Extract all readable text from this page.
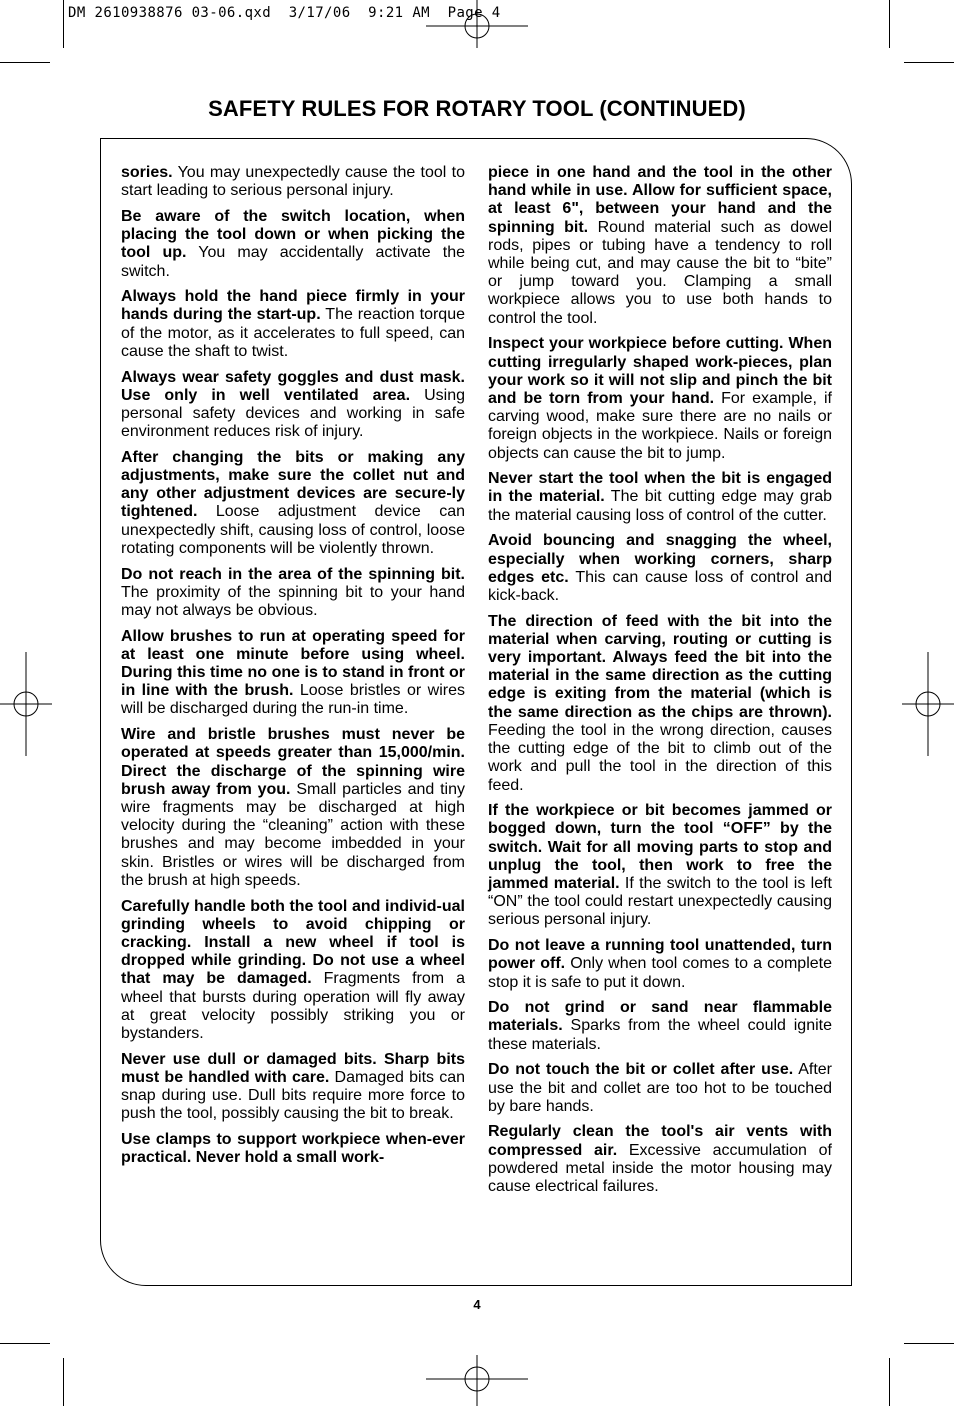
DM 2610938876 03-06.qxd  3/17/06  9:21 AM  Page 4
SAFETY RULES FOR ROTARY TOOL (CONTINUED)

sories. You may unexpectedly cause the tool to start leading to serious personal injury.

Be aware of the switch location, when placing the tool down or when picking the tool up. You may accidentally activate the switch.

Always hold the hand piece firmly in your hands during the start-up. The reaction torque of the motor, as it accelerates to full speed, can cause the shaft to twist.

Always wear safety goggles and dust mask. Use only in well ventilated area. Using personal safety devices and working in safe environment reduces risk of injury.

After changing the bits or making any adjustments, make sure the collet nut and any other adjustment devices are secure-ly tightened. Loose adjustment device can unexpectedly shift, causing loss of control, loose rotating components will be violently thrown.

Do not reach in the area of the spinning bit. The proximity of the spinning bit to your hand may not always be obvious.

Allow brushes to run at operating speed for at least one minute before using wheel. During this time no one is to stand in front or in line with the brush. Loose bristles or wires will be discharged during the run-in time.

Wire and bristle brushes must never be operated at speeds greater than 15,000/min. Direct the discharge of the spinning wire brush away from you. Small particles and tiny wire fragments may be discharged at high velocity during the “cleaning” action with these brushes and may become imbedded in your skin. Bristles or wires will be discharged from the brush at high speeds.

Carefully handle both the tool and individ-ual grinding wheels to avoid chipping or cracking. Install a new wheel if tool is dropped while grinding. Do not use a wheel that may be damaged. Fragments from a wheel that bursts during operation will fly away at great velocity possibly striking you or bystanders.

Never use dull or damaged bits. Sharp bits must be handled with care. Damaged bits can snap during use. Dull bits require more force to push the tool, possibly causing the bit to break.

Use clamps to support workpiece when-ever practical. Never hold a small work-

piece in one hand and the tool in the other hand while in use. Allow for sufficient space, at least 6", between your hand and the spinning bit. Round material such as dowel rods, pipes or tubing have a tendency to roll while being cut, and may cause the bit to “bite” or jump toward you. Clamping a small workpiece allows you to use both hands to control the tool.

Inspect your workpiece before cutting. When cutting irregularly shaped work-pieces, plan your work so it will not slip and pinch the bit and be torn from your hand. For example, if carving wood, make sure there are no nails or foreign objects in the workpiece. Nails or foreign objects can cause the bit to jump.

Never start the tool when the bit is engaged in the material. The bit cutting edge may grab the material causing loss of control of the cutter.

Avoid bouncing and snagging the wheel, especially when working corners, sharp edges etc. This can cause loss of control and kick-back.

The direction of feed with the bit into the material when carving, routing or cutting is very important. Always feed the bit into the material in the same direction as the cutting edge is exiting from the material (which is the same direction as the chips are thrown). Feeding the tool in the wrong direction, causes the cutting edge of the bit to climb out of the work and pull the tool in the direction of this feed.

If the workpiece or bit becomes jammed or bogged down, turn the tool “OFF” by the switch. Wait for all moving parts to stop and unplug the tool, then work to free the jammed material. If the switch to the tool is left “ON” the tool could restart unexpectedly causing serious personal injury.

Do not leave a running tool unattended, turn power off. Only when tool comes to a complete stop it is safe to put it down.

Do not grind or sand near flammable materials. Sparks from the wheel could ignite these materials.

Do not touch the bit or collet after use. After use the bit and collet are too hot to be touched by bare hands.

Regularly clean the tool's air vents with compressed air. Excessive accumulation of powdered metal inside the motor housing may cause electrical failures.

4
